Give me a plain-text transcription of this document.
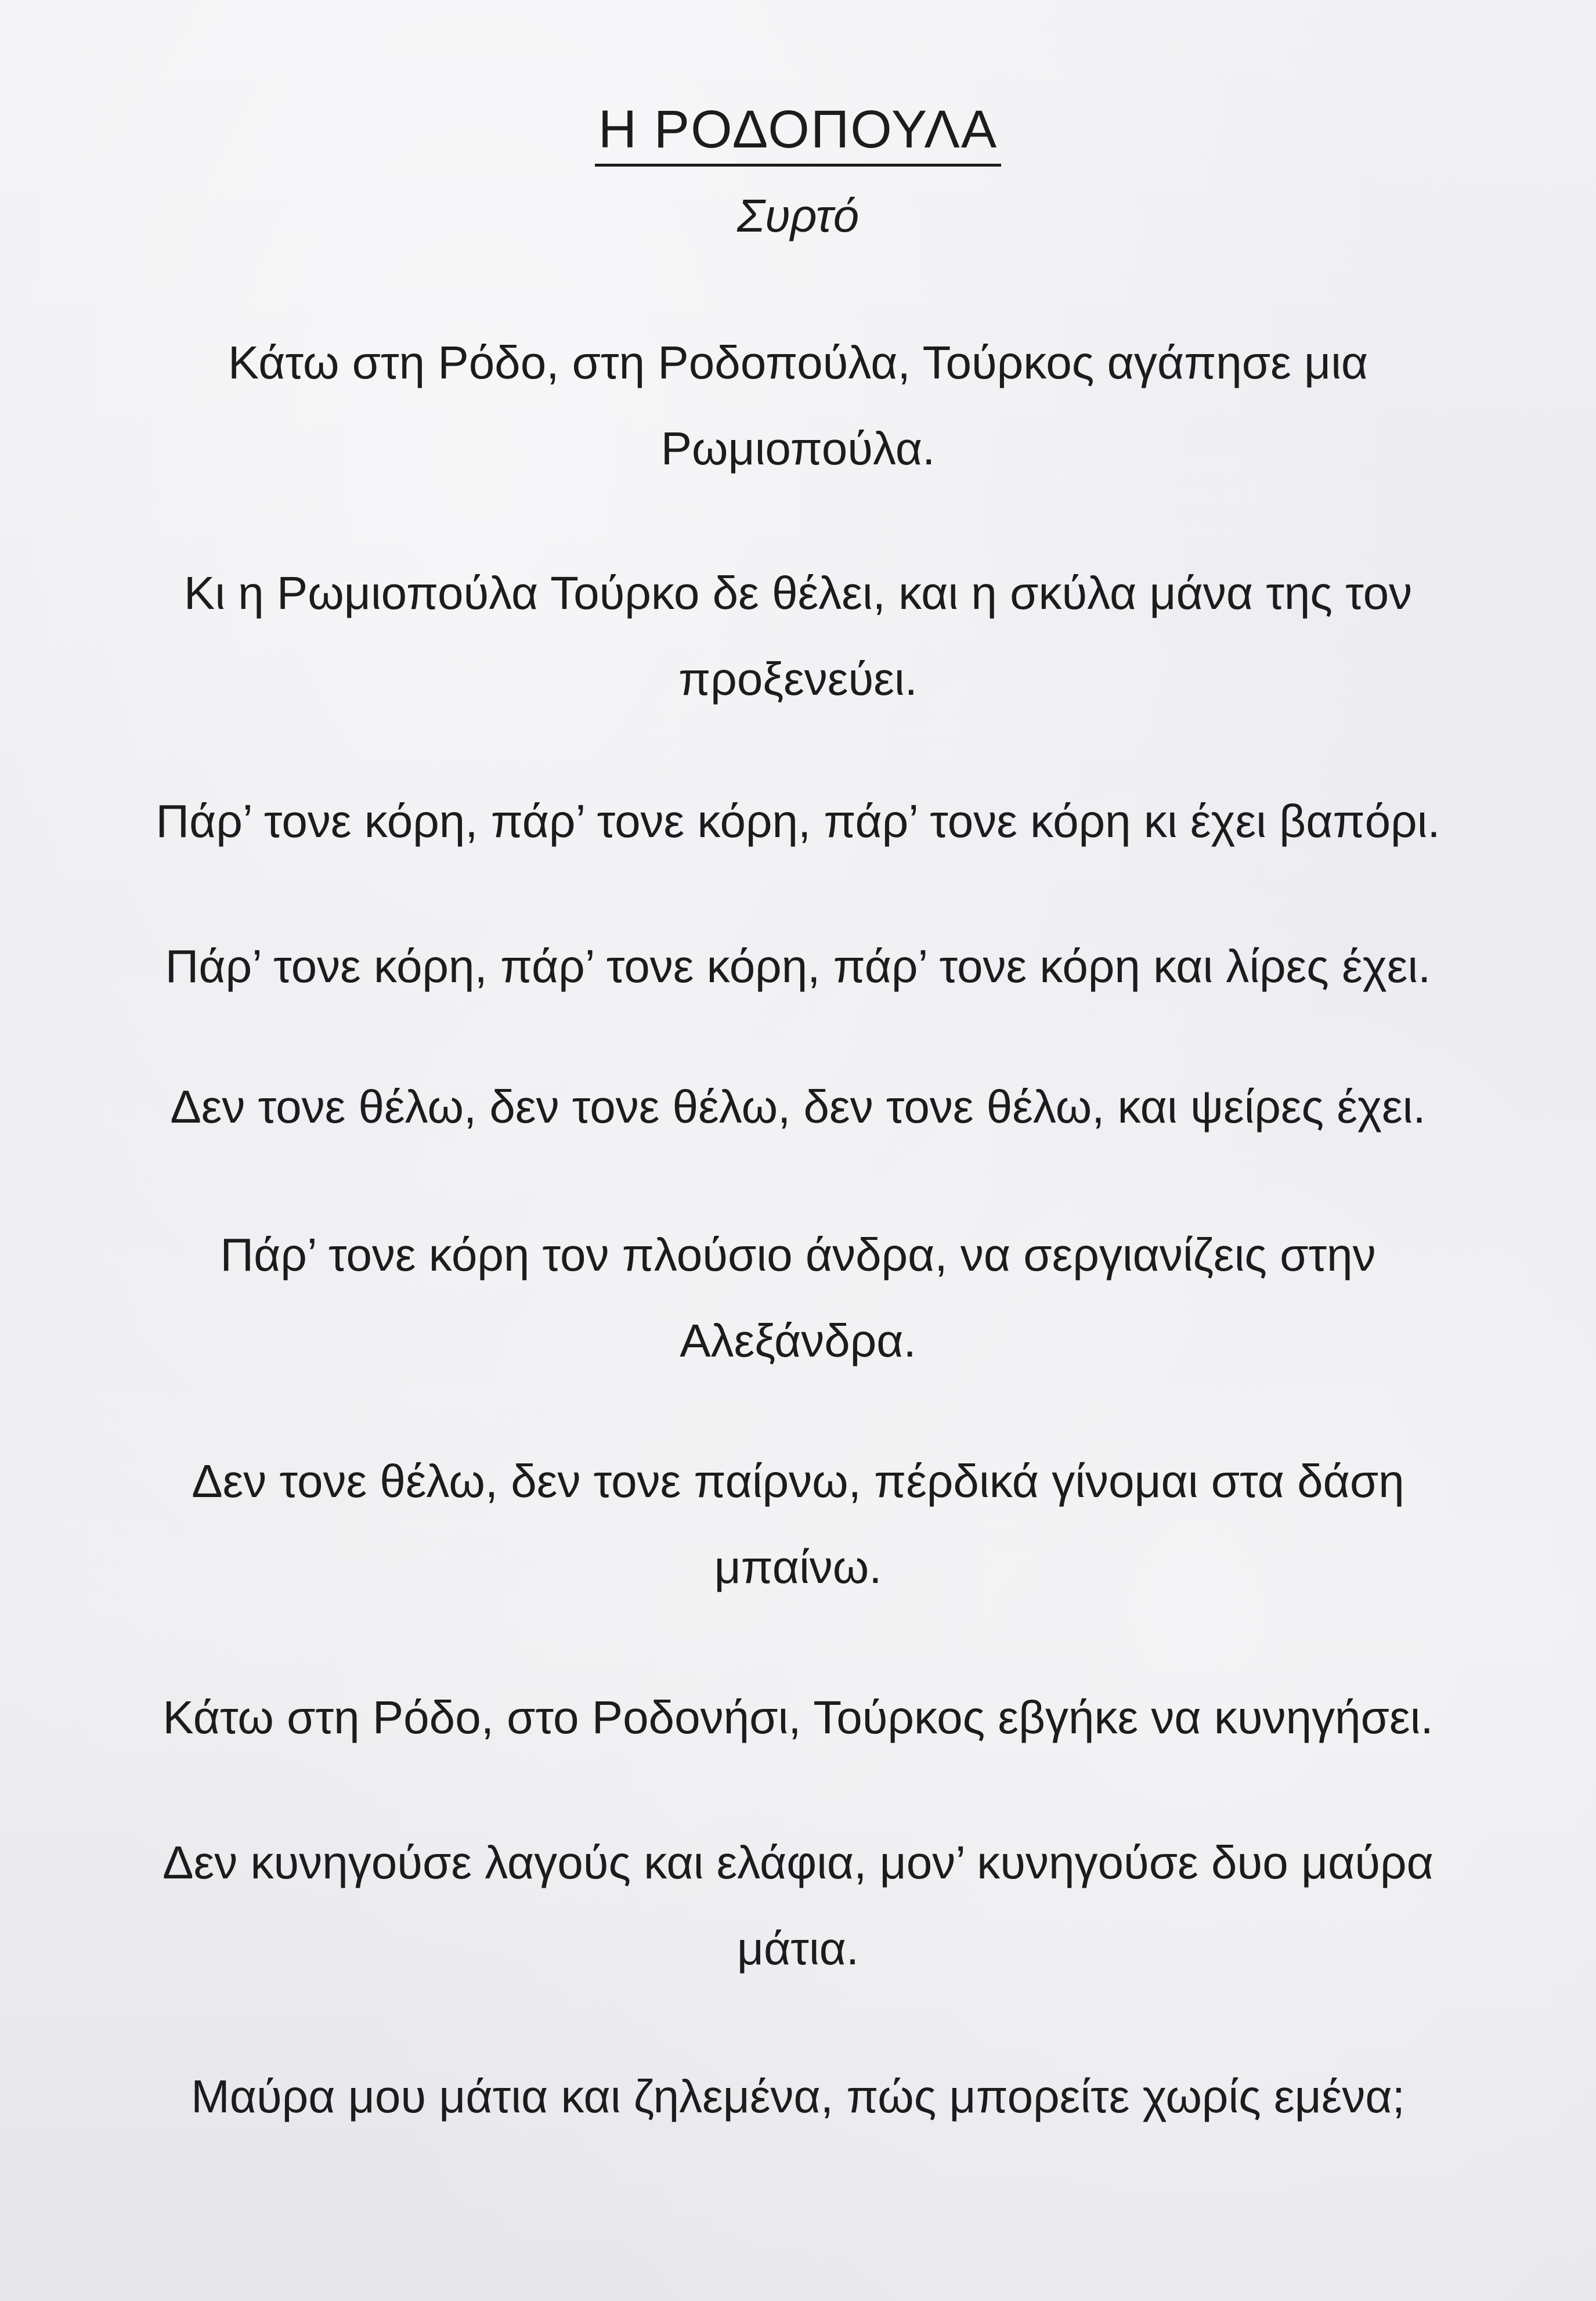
Η ΡΟΔΟΠΟΥΛΑ
Συρτό
Κάτω στη Ρόδο, στη Ροδοπούλα, Τούρκος αγάπησε μια
Ρωμιοπούλα.
Κι η Ρωμιοπούλα Τούρκο δε θέλει, και η σκύλα μάνα της τον
προξενεύει.
Πάρ’ τονε κόρη, πάρ’ τονε κόρη, πάρ’ τονε κόρη κι έχει βαπόρι.
Πάρ’ τονε κόρη, πάρ’ τονε κόρη, πάρ’ τονε κόρη και λίρες έχει.
Δεν τονε θέλω, δεν τονε θέλω, δεν τονε θέλω, και ψείρες έχει.
Πάρ’ τονε κόρη τον πλούσιο άνδρα, να σεργιανίζεις στην
Αλεξάνδρα.
Δεν τονε θέλω, δεν τονε παίρνω, πέρδικά γίνομαι στα δάση
μπαίνω.
Κάτω στη Ρόδο, στο Ροδονήσι, Τούρκος εβγήκε να κυνηγήσει.
Δεν κυνηγούσε λαγούς και ελάφια, μον’ κυνηγούσε δυο μαύρα
μάτια.
Μαύρα μου μάτια και ζηλεμένα, πώς μπορείτε χωρίς εμένα;
